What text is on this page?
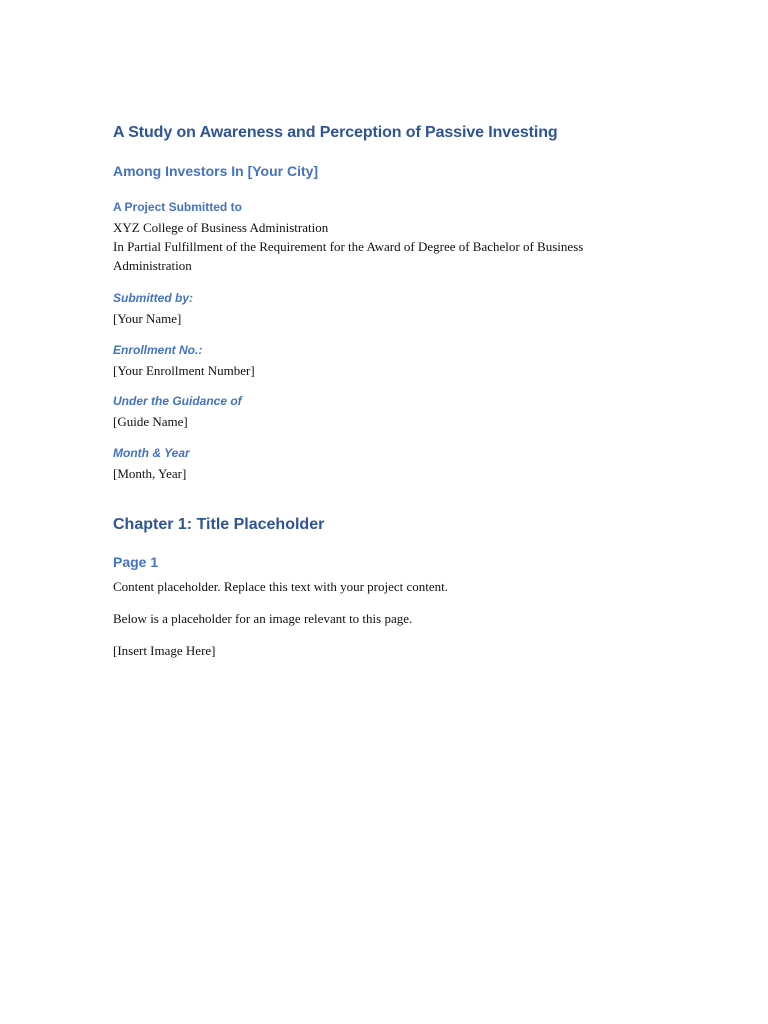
A Study on Awareness and Perception of Passive Investing
Among Investors In [Your City]
A Project Submitted to

XYZ College of Business Administration

In Partial Fulfillment of the Requirement for the Award of Degree of Bachelor of Business Administration

Submitted by:

[Your Name]

Enrollment No.:

[Your Enrollment Number]

Under the Guidance of

[Guide Name]

Month & Year

[Month, Year]

Chapter 1: Title Placeholder
Page 1

Content placeholder. Replace this text with your project content.

Below is a placeholder for an image relevant to this page.

[Insert Image Here]
